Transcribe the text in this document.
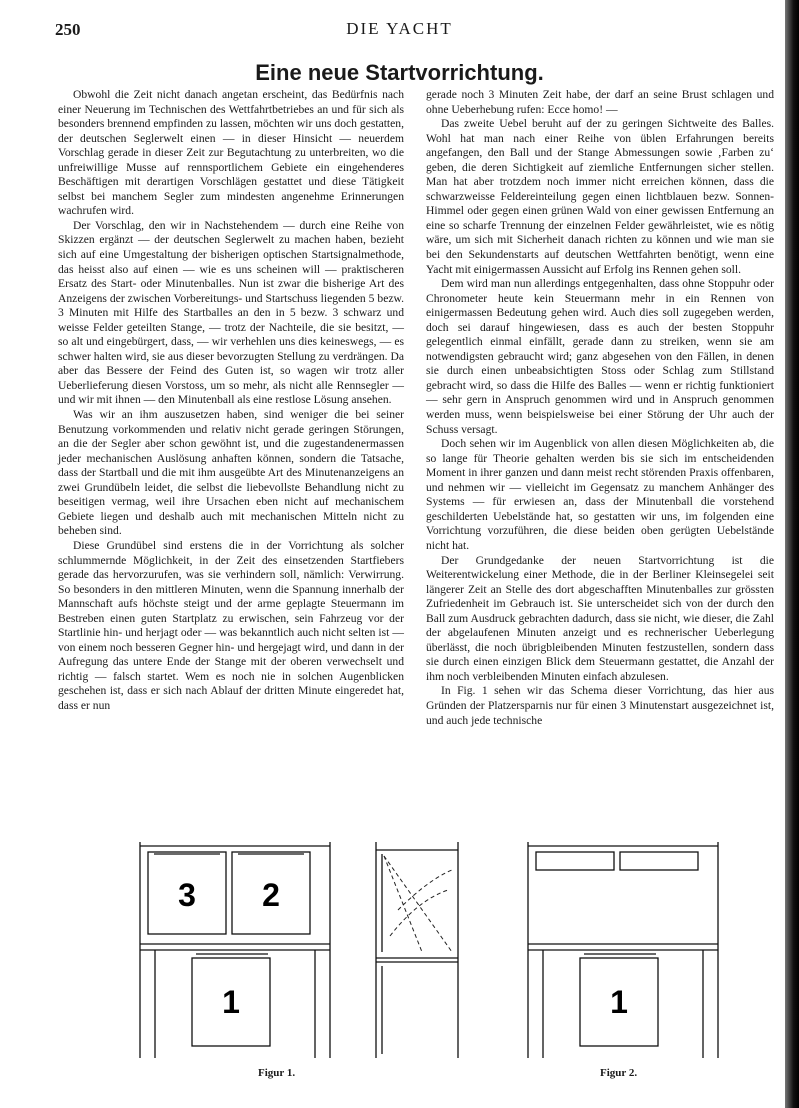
250	DIE YACHT
Eine neue Startvorrichtung.

Obwohl die Zeit nicht danach angetan erscheint, das Bedürfnis nach einer Neuerung im Technischen des Wettfahrtbetriebes an und für sich als besonders brennend empfinden zu lassen, möchten wir uns doch gestatten, der deutschen Seglerwelt einen — in dieser Hinsicht — neuerdem Vorschlag gerade in dieser Zeit zur Begutachtung zu unterbreiten, wo die unfreiwillige Musse auf rennsportlichem Gebiete ein eingehenderes Beschäftigen mit derartigen Vorschlägen gestattet und diese Tätigkeit selbst bei manchem Segler zum mindesten angenehme Erinnerungen wachrufen wird.

Der Vorschlag, den wir in Nachstehendem — durch eine Reihe von Skizzen ergänzt — der deutschen Seglerwelt zu machen haben, bezieht sich auf eine Umgestaltung der bisherigen optischen Startsignalmethode, das heisst also auf einen — wie es uns scheinen will — praktischeren Ersatz des Start- oder Minutenballes. Nun ist zwar die bisherige Art des Anzeigens der zwischen Vorbereitungs- und Startschuss liegenden 5 bezw. 3 Minuten mit Hilfe des Startballes an den in 5 bezw. 3 schwarz und weisse Felder geteilten Stange, — trotz der Nachteile, die sie besitzt, — so alt und eingebürgert, dass, — wir verhehlen uns dies keineswegs, — es schwer halten wird, sie aus dieser bevorzugten Stellung zu verdrängen. Da aber das Bessere der Feind des Guten ist, so wagen wir trotz aller Ueberlieferung diesen Vorstoss, um so mehr, als nicht alle Rennsegler — und wir mit ihnen — den Minutenball als eine restlose Lösung ansehen.

Was wir an ihm auszusetzen haben, sind weniger die bei seiner Benutzung vorkommenden und relativ nicht gerade geringen Störungen, an die der Segler aber schon gewöhnt ist, und die zugestandenermassen jeder mechanischen Auslösung anhaften können, sondern die Tatsache, dass der Startball und die mit ihm ausgeübte Art des Minutenanzeigens an zwei Grundübeln leidet, die selbst die liebevollste Behandlung nicht zu beseitigen vermag, weil ihre Ursachen eben nicht auf mechanischem Gebiete liegen und deshalb auch mit mechanischen Mitteln nicht zu beheben sind.

Diese Grundübel sind erstens die in der Vorrichtung als solcher schlummernde Möglichkeit, in der Zeit des einsetzenden Startfiebers gerade das hervorzurufen, was sie verhindern soll, nämlich: Verwirrung. So besonders in den mittleren Minuten, wenn die Spannung innerhalb der Mannschaft aufs höchste steigt und der arme geplagte Steuermann im Bestreben einen guten Startplatz zu erwischen, sein Fahrzeug vor der Startlinie hin- und herjagt oder — was bekanntlich auch nicht selten ist — von einem noch besseren Gegner hin- und hergejagt wird, und dann in der Aufregung das untere Ende der Stange mit der oberen verwechselt und richtig — falsch startet. Wem es noch nie in solchen Augenblicken geschehen ist, dass er sich nach Ablauf der dritten Minute eingeredet hat, dass er nun

gerade noch 3 Minuten Zeit habe, der darf an seine Brust schlagen und ohne Ueberhebung rufen: Ecce homo! —

Das zweite Uebel beruht auf der zu geringen Sichtweite des Balles. Wohl hat man nach einer Reihe von üblen Erfahrungen bereits angefangen, den Ball und der Stange Abmessungen sowie ‚Farben zu‘ geben, die deren Sichtigkeit auf ziemliche Entfernungen sicher stellen. Man hat aber trotzdem noch immer nicht erreichen können, dass die schwarzweisse Feldereinteilung gegen einen lichtblauen bezw. Sonnen-Himmel oder gegen einen grünen Wald von einer gewissen Entfernung an eine so scharfe Trennung der einzelnen Felder gewährleistet, wie es nötig wäre, um sich mit Sicherheit danach richten zu können und wie man sie bei den Sekundenstarts auf deutschen Wettfahrten benötigt, wenn eine Yacht mit einigermassen Aussicht auf Erfolg ins Rennen gehen soll.

Dem wird man nun allerdings entgegenhalten, dass ohne Stoppuhr oder Chronometer heute kein Steuermann mehr in ein Rennen von einigermassen Bedeutung gehen wird. Auch dies soll zugegeben werden, doch sei darauf hingewiesen, dass es auch der besten Stoppuhr gelegentlich einmal einfällt, gerade dann zu streiken, wenn sie am notwendigsten gebraucht wird; ganz abgesehen von den Fällen, in denen sie durch einen unbeabsichtigten Stoss oder Schlag zum Stillstand gebracht wird, so dass die Hilfe des Balles — wenn er richtig funktioniert — sehr gern in Anspruch genommen wird und in Anspruch genommen werden muss, wenn beispielsweise bei einer Störung der Uhr auch der Schuss versagt.

Doch sehen wir im Augenblick von allen diesen Möglichkeiten ab, die so lange für Theorie gehalten werden bis sie sich im entscheidenden Moment in ihrer ganzen und dann meist recht störenden Praxis offenbaren, und nehmen wir — vielleicht im Gegensatz zu manchem Anhänger des Systems — für erwiesen an, dass der Minutenball die vorstehend geschilderten Uebelstände hat, so gestatten wir uns, im folgenden eine Vorrichtung vorzuführen, die diese beiden oben gerügten Uebelstände nicht hat.

Der Grundgedanke der neuen Startvorrichtung ist die Weiterentwickelung einer Methode, die in der Berliner Kleinsegelei seit längerer Zeit an Stelle des dort abgeschafften Minutenballes zur grössten Zufriedenheit im Gebrauch ist. Sie unterscheidet sich von der durch den Ball zum Ausdruck gebrachten dadurch, dass sie nicht, wie dieser, die Zahl der abgelaufenen Minuten anzeigt und es rechnerischer Ueberlegung überlässt, die noch übrigbleibenden Minuten festzustellen, sondern dass sie durch einen einzigen Blick dem Steuermann gestattet, die Anzahl der ihm noch verbleibenden Minuten einfach abzulesen.

In Fig. 1 sehen wir das Schema dieser Vorrichtung, das hier aus Gründen der Platzersparnis nur für einen 3 Minutenstart ausgezeichnet ist, und auch jede technische

3 2
1
Figur 1.
1
Figur 2.
